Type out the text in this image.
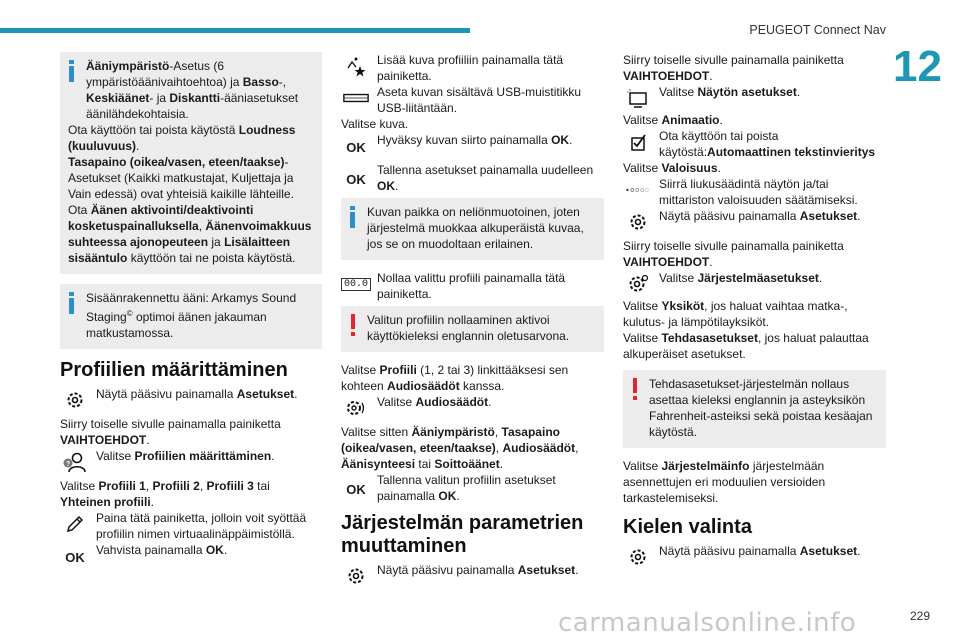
PEUGEOT Connect Nav
12

Ääniympäristö-Asetus (6 ympäristöäänivaihtoehtoa) ja Basso-, Keskiäänet- ja Diskantti-ääniasetukset äänilähdekohtaisia.

Ota käyttöön tai poista käytöstä Loudness (kuuluvuus).

Tasapaino (oikea/vasen, eteen/taakse)-Asetukset (Kaikki matkustajat, Kuljettaja ja Vain edessä) ovat yhteisiä kaikille lähteille.

Ota Äänen aktivointi/deaktivointi kosketuspainalluksella, Äänenvoimakkuus suhteessa ajonopeuteen ja Lisälaitteen sisääntulo käyttöön tai ne poista käytöstä.

Sisäänrakennettu ääni: Arkamys Sound Staging© optimoi äänen jakauman matkustamossa.

Profiilien määrittäminen
Näytä pääsivu painamalla Asetukset.

Siirry toiselle sivulle painamalla painiketta
VAIHTOEHDOT.

?
Valitse Profiilien määrittäminen.

Valitse Profiili 1, Profiili 2, Profiili 3 tai Yhteinen profiili.

Paina tätä painiketta, jolloin voit syöttää profiilin nimen virtuaalinäppäimistöllä.
OK Vahvista painamalla OK.
Lisää kuva profiiliin painamalla tätä painiketta.
Aseta kuvan sisältävä USB-muistitikku USB-liitäntään.

Valitse kuva.

OK Hyväksy kuvan siirto painamalla OK.
OK
Tallenna asetukset painamalla uudelleen OK.

Kuvan paikka on neliönmuotoinen, joten järjestelmä muokkaa alkuperäistä kuvaa, jos se on muodoltaan erilainen.

00.0 Nollaa valittu profiili painamalla tätä painiketta.

Valitun profiilin nollaaminen aktivoi käyttökieleksi englannin oletusarvona.

Valitse Profiili (1, 2 tai 3) linkittääksesi sen kohteen Audiosäädöt kanssa.

Valitse Audiosäädöt.

Valitse sitten Ääniympäristö, Tasapaino (oikea/vasen, eteen/taakse), Audiosäädöt, Äänisynteesi tai Soittoäänet.

OK
Tallenna valitun profiilin asetukset painamalla OK.
Järjestelmän parametrien muuttaminen
Näytä pääsivu painamalla Asetukset.

Siirry toiselle sivulle painamalla painiketta
VAIHTOEHDOT.

Valitse Näytön asetukset.

Valitse Animaatio.

Ota käyttöön tai poista käytöstä:Automaattinen tekstinvieritys

Valitse Valoisuus.

Siirrä liukusäädintä näytön ja/tai mittariston valoisuuden säätämiseksi.
Näytä pääsivu painamalla Asetukset.

Siirry toiselle sivulle painamalla painiketta
VAIHTOEHDOT.

Valitse Järjestelmäasetukset.

Valitse Yksiköt, jos haluat vaihtaa matka-, kulutus- ja lämpötilayksiköt.

Valitse Tehdasasetukset, jos haluat palauttaa alkuperäiset asetukset.

Tehdasasetukset-järjestelmän nollaus asettaa kieleksi englannin ja asteyksikön Fahrenheit-asteiksi sekä poistaa kesäajan käytöstä.

Valitse Järjestelmäinfo järjestelmään asennettujen eri moduulien versioiden tarkastelemiseksi.

Kielen valinta
Näytä pääsivu painamalla Asetukset.
carmanualsonline.info	229
